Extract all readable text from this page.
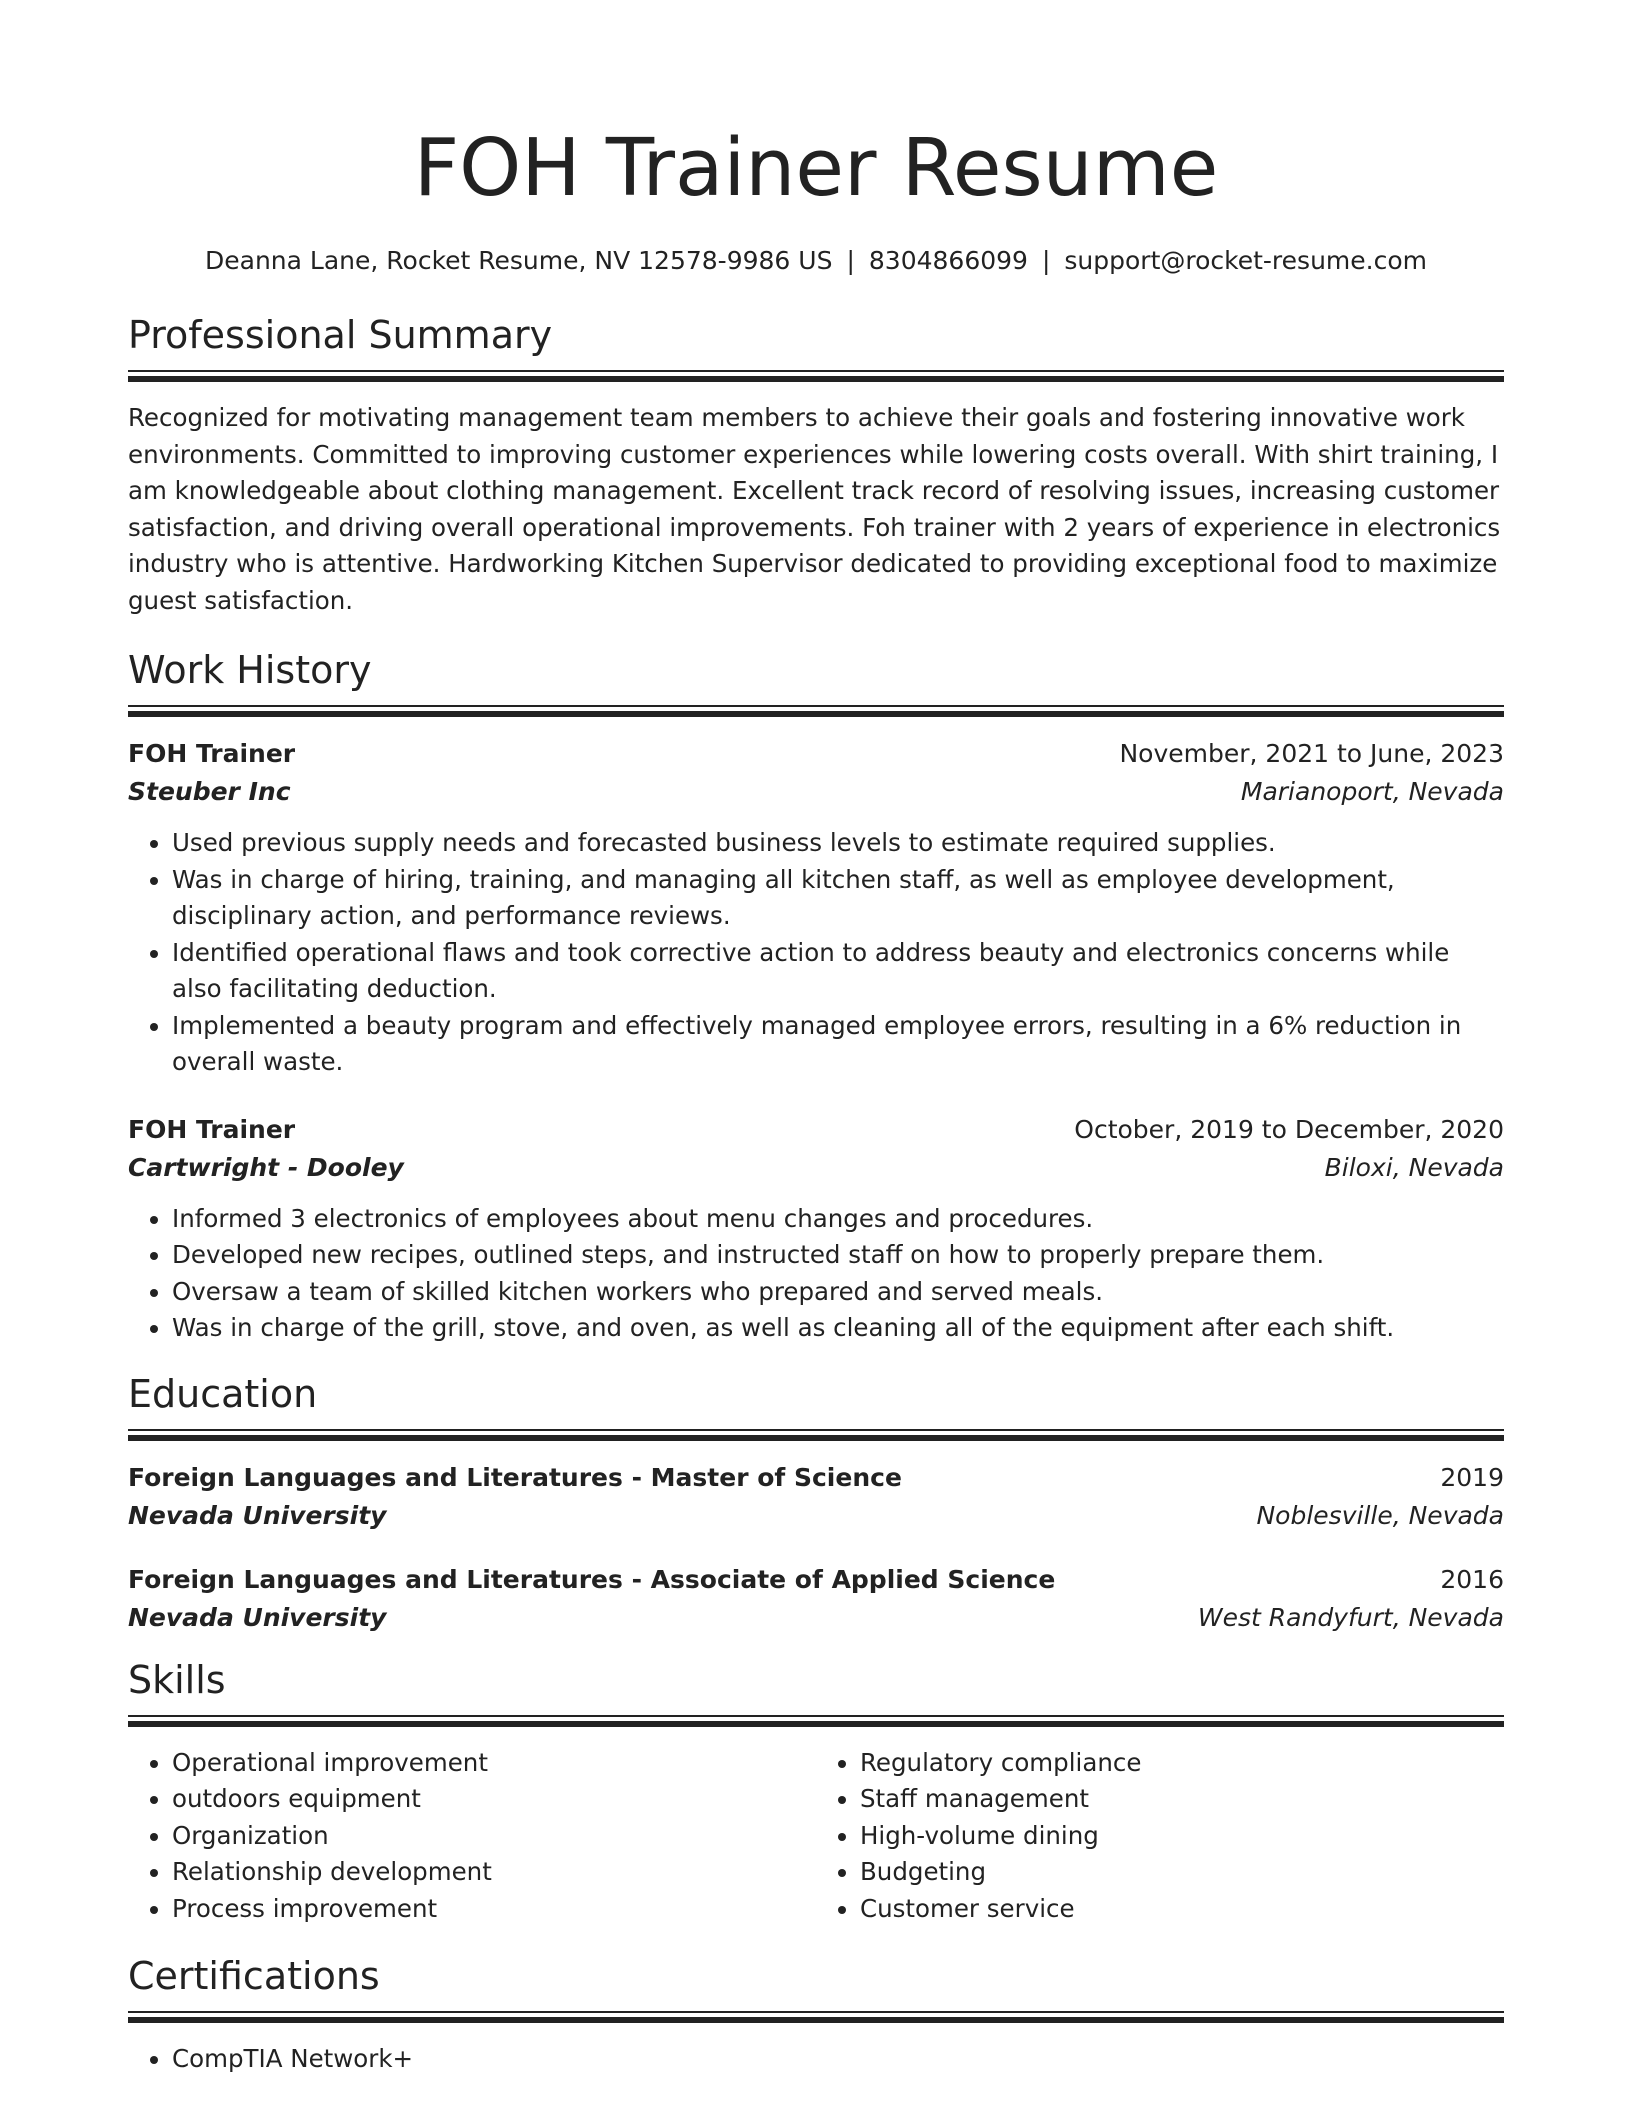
FOH Trainer Resume
Deanna Lane, Rocket Resume, NV 12578-9986 US | 8304866099 | support@rocket-resume.com
Professional Summary

Recognized for motivating management team members to achieve their goals and fostering innovative work environments. Committed to improving customer experiences while lowering costs overall. With shirt training, I am knowledgeable about clothing management. Excellent track record of resolving issues, increasing customer satisfaction, and driving overall operational improvements. Foh trainer with 2 years of experience in electronics industry who is attentive. Hardworking Kitchen Supervisor dedicated to providing exceptional food to maximize guest satisfaction.

Work History
FOH Trainer	November, 2021 to June, 2023
Steuber Inc	Marianoport, Nevada
• Used previous supply needs and forecasted business levels to estimate required supplies.
• Was in charge of hiring, training, and managing all kitchen staff, as well as employee development, disciplinary action, and performance reviews.
• Identified operational flaws and took corrective action to address beauty and electronics concerns while also facilitating deduction.
• Implemented a beauty program and effectively managed employee errors, resulting in a 6% reduction in overall waste.
FOH Trainer	October, 2019 to December, 2020
Cartwright - Dooley	Biloxi, Nevada
• Informed 3 electronics of employees about menu changes and procedures.
• Developed new recipes, outlined steps, and instructed staff on how to properly prepare them.
• Oversaw a team of skilled kitchen workers who prepared and served meals.
• Was in charge of the grill, stove, and oven, as well as cleaning all of the equipment after each shift.
Education
Foreign Languages and Literatures - Master of Science	2019
Nevada University	Noblesville, Nevada
Foreign Languages and Literatures - Associate of Applied Science	2016
Nevada University	West Randyfurt, Nevada
Skills
• Operational improvement
• outdoors equipment
• Organization
• Relationship development
• Process improvement
• Regulatory compliance
• Staff management
• High-volume dining
• Budgeting
• Customer service
Certifications
• CompTIA Network+
